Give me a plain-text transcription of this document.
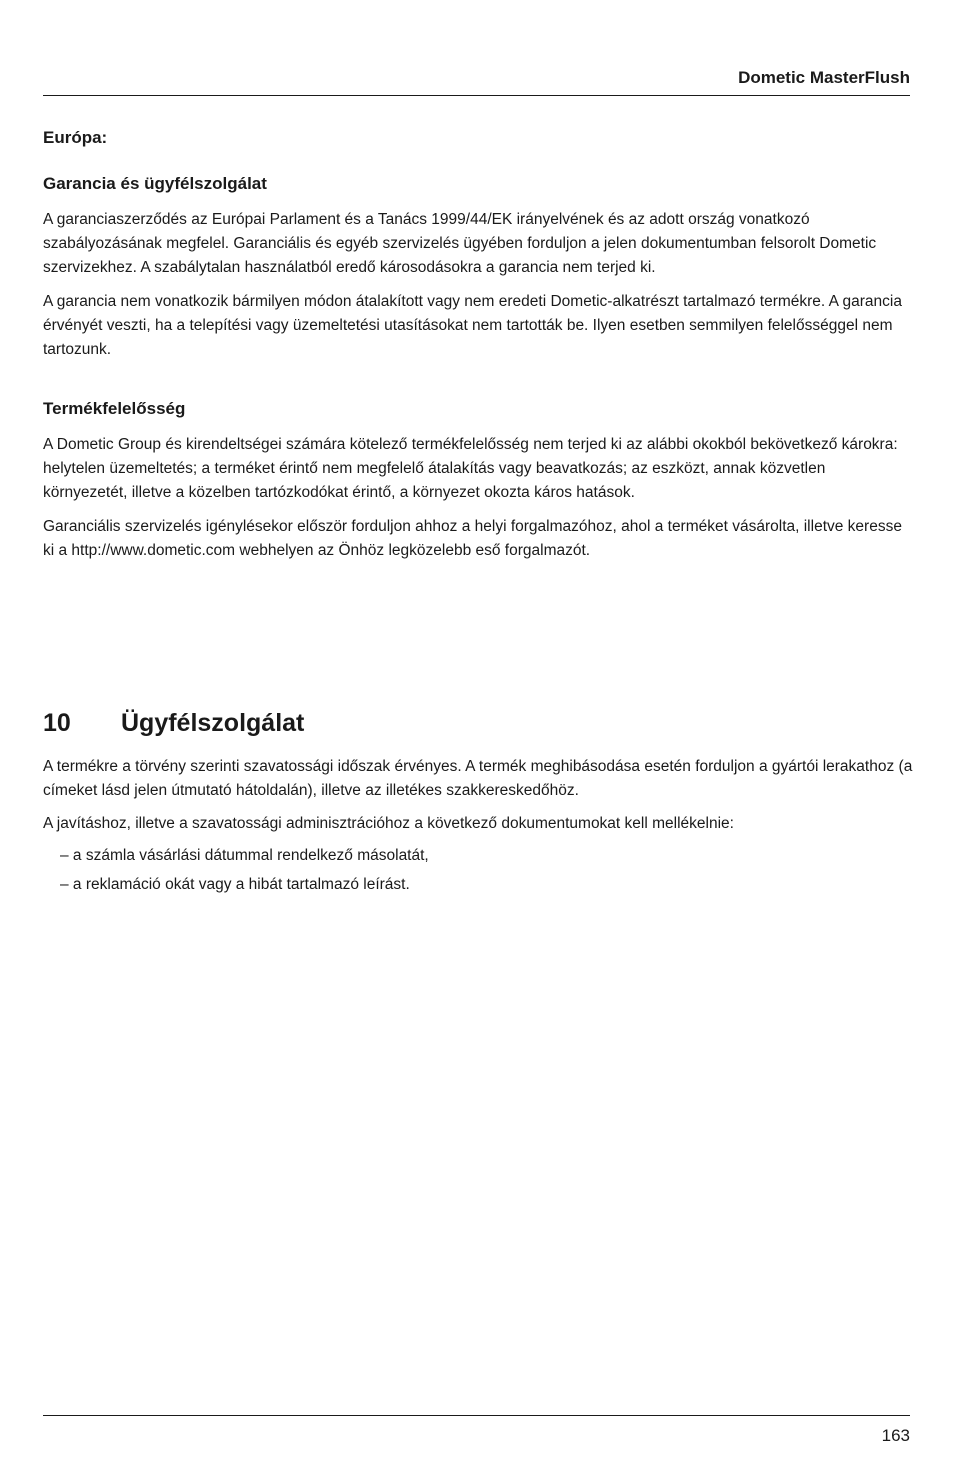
Dometic MasterFlush
Európa:
Garancia és ügyfélszolgálat

A garanciaszerződés az Európai Parlament és a Tanács 1999/44/EK irányelvének és az adott ország vonatkozó szabályozásának megfelel. Garanciális és egyéb szervizelés ügyében forduljon a jelen dokumentumban felsorolt Dometic szervizekhez. A szabálytalan használatból eredő károsodásokra a garancia nem terjed ki.

A garancia nem vonatkozik bármilyen módon átalakított vagy nem eredeti Dometic-alkatrészt tartalmazó termékre. A garancia érvényét veszti, ha a telepítési vagy üzemeltetési utasításokat nem tartották be. Ilyen esetben semmilyen felelősséggel nem tartozunk.

Termékfelelősség

A Dometic Group és kirendeltségei számára kötelező termékfelelősség nem terjed ki az alábbi okokból bekövetkező károkra: helytelen üzemeltetés; a terméket érintő nem megfelelő átalakítás vagy beavatkozás; az eszközt, annak közvetlen környezetét, illetve a közelben tartózkodókat érintő, a környezet okozta káros hatások.

Garanciális szervizelés igénylésekor először forduljon ahhoz a helyi forgalmazóhoz, ahol a terméket vásárolta, illetve keresse ki a http://www.dometic.com webhelyen az Önhöz legközelebb eső forgalmazót.

10 Ügyfélszolgálat

A termékre a törvény szerinti szavatossági időszak érvényes. A termék meghibásodása esetén forduljon a gyártói lerakathoz (a címeket lásd jelen útmutató hátoldalán), illetve az illetékes szakkereskedőhöz.

A javításhoz, illetve a szavatossági adminisztrációhoz a következő dokumentumokat kell mellékelnie:

– a számla vásárlási dátummal rendelkező másolatát,
– a reklamáció okát vagy a hibát tartalmazó leírást.
163
